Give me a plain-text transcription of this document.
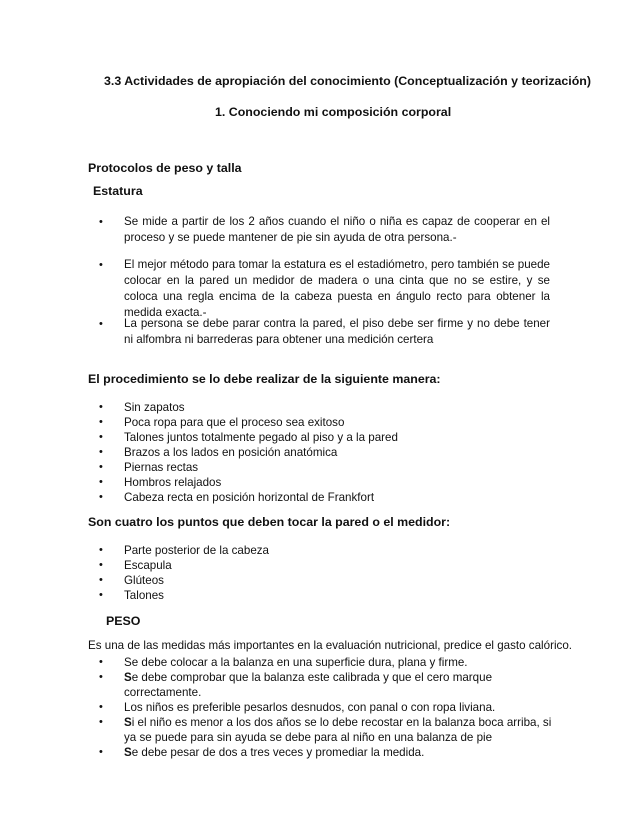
3.3 Actividades de apropiación del conocimiento (Conceptualización y teorización)
1. Conociendo mi composición corporal
Protocolos de peso y talla
Estatura
• Se mide a partir de los 2 años cuando el niño o niña es capaz de cooperar en el proceso y se puede mantener de pie sin ayuda de otra persona.-
• El mejor método para tomar la estatura es el estadiómetro, pero también se puede colocar en la pared un medidor de madera o una cinta que no se estire, y se coloca una regla encima de la cabeza puesta en ángulo recto para obtener la medida exacta.-
• La persona se debe parar contra la pared, el piso debe ser firme y no debe tener ni alfombra ni barrederas para obtener una medición certera
El procedimiento se lo debe realizar de la siguiente manera:
• Sin zapatos
• Poca ropa para que el proceso sea exitoso
• Talones juntos totalmente pegado al piso y a la pared
• Brazos a los lados en posición anatómica
• Piernas rectas
• Hombros relajados
• Cabeza recta en posición horizontal de Frankfort
Son cuatro los puntos que deben tocar la pared o el medidor:
• Parte posterior de la cabeza
• Escapula
• Glúteos
• Talones
PESO
Es una de las medidas más importantes en la evaluación nutricional, predice el gasto calórico.
• Se debe colocar a la balanza en una superficie dura, plana y firme.
• Se debe comprobar que la balanza este calibrada y que el cero marque correctamente.
• Los niños es preferible pesarlos desnudos, con panal o con ropa liviana.
• Si el niño es menor a los dos años se lo debe recostar en la balanza boca arriba, si ya se puede para sin ayuda se debe para al niño en una balanza de pie
• Se debe pesar de dos a tres veces y promediar la medida.
